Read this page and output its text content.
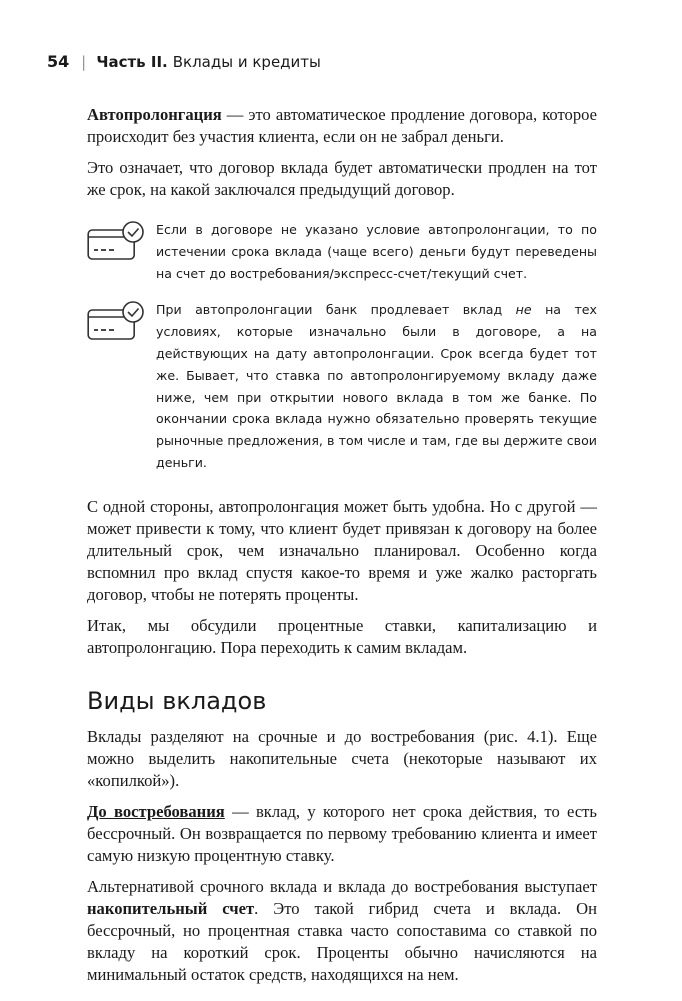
54 | Часть II. Вклады и кредиты

Автопролонгация — это автоматическое продление договора, которое происходит без участия клиента, если он не забрал деньги.

Это означает, что договор вклада будет автоматически продлен на тот же срок, на какой заключался предыдущий договор.

Если в договоре не указано условие автопролонгации, то по истечении срока вклада (чаще всего) деньги будут переведены на счет до востребования/экспресс-счет/текущий счет.

При автопролонгации банк продлевает вклад не на тех условиях, которые изначально были в договоре, а на действующих на дату автопролонгации. Срок всегда будет тот же. Бывает, что ставка по автопролонгируемому вкладу даже ниже, чем при открытии нового вклада в том же банке. По окончании срока вклада нужно обязательно проверять текущие рыночные предложения, в том числе и там, где вы держите свои деньги.

С одной стороны, автопролонгация может быть удобна. Но с другой — может привести к тому, что клиент будет привязан к договору на более длительный срок, чем изначально планировал. Особенно когда вспомнил про вклад спустя какое-то время и уже жалко расторгать договор, чтобы не потерять проценты.

Итак, мы обсудили процентные ставки, капитализацию и автопролонгацию. Пора переходить к самим вкладам.

Виды вкладов

Вклады разделяют на срочные и до востребования (рис. 4.1). Еще можно выделить накопительные счета (некоторые называют их «копилкой»).

До востребования — вклад, у которого нет срока действия, то есть бессрочный. Он возвращается по первому требованию клиента и имеет самую низкую процентную ставку.

Альтернативой срочного вклада и вклада до востребования выступает накопительный счет. Это такой гибрид счета и вклада. Он бессрочный, но процентная ставка часто сопоставима со ставкой по вкладу на короткий срок. Проценты обычно начисляются на минимальный остаток средств, находящихся на нем.
